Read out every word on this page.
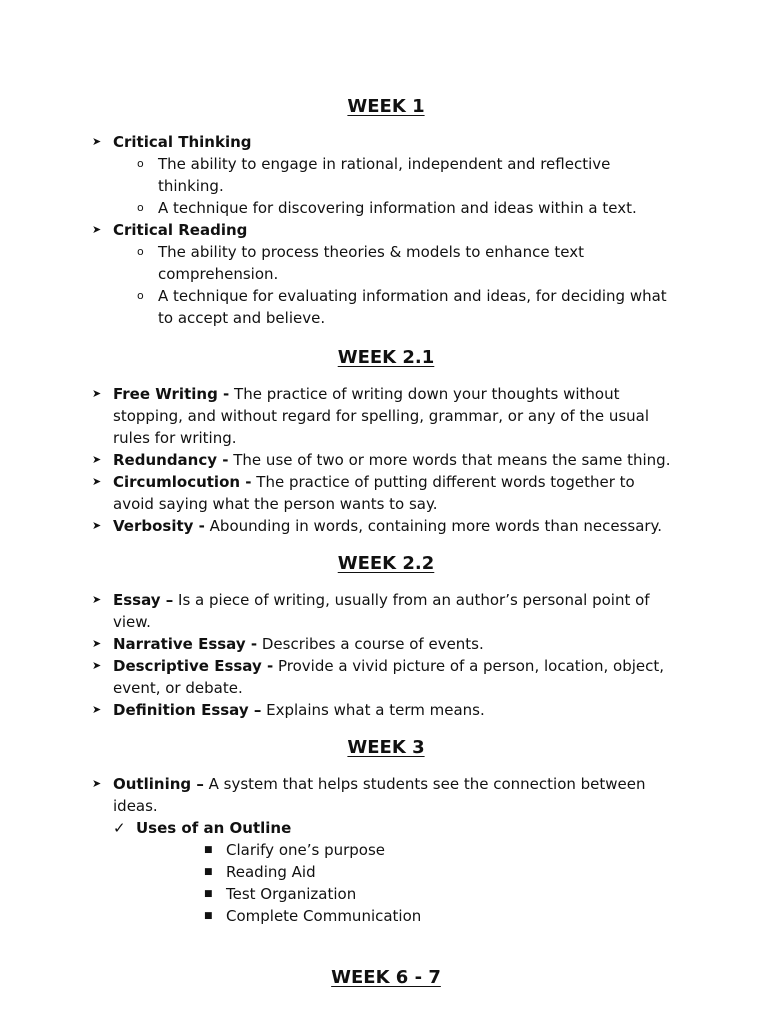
WEEK 1
➤ Critical Thinking
o The ability to engage in rational, independent and reflective thinking.
o A technique for discovering information and ideas within a text.
➤ Critical Reading
o The ability to process theories & models to enhance text comprehension.
o A technique for evaluating information and ideas, for deciding what to accept and believe.
WEEK 2.1
➤ Free Writing - The practice of writing down your thoughts without stopping, and without regard for spelling, grammar, or any of the usual rules for writing.
➤ Redundancy - The use of two or more words that means the same thing.
➤ Circumlocution - The practice of putting different words together to avoid saying what the person wants to say.
➤ Verbosity - Abounding in words, containing more words than necessary.
WEEK 2.2
➤ Essay – Is a piece of writing, usually from an author’s personal point of view.
➤ Narrative Essay - Describes a course of events.
➤ Descriptive Essay - Provide a vivid picture of a person, location, object, event, or debate.
➤ Definition Essay – Explains what a term means.
WEEK 3
➤ Outlining – A system that helps students see the connection between ideas.
✓ Uses of an Outline
■ Clarify one’s purpose
■ Reading Aid
■ Test Organization
■ Complete Communication
WEEK 6 - 7
